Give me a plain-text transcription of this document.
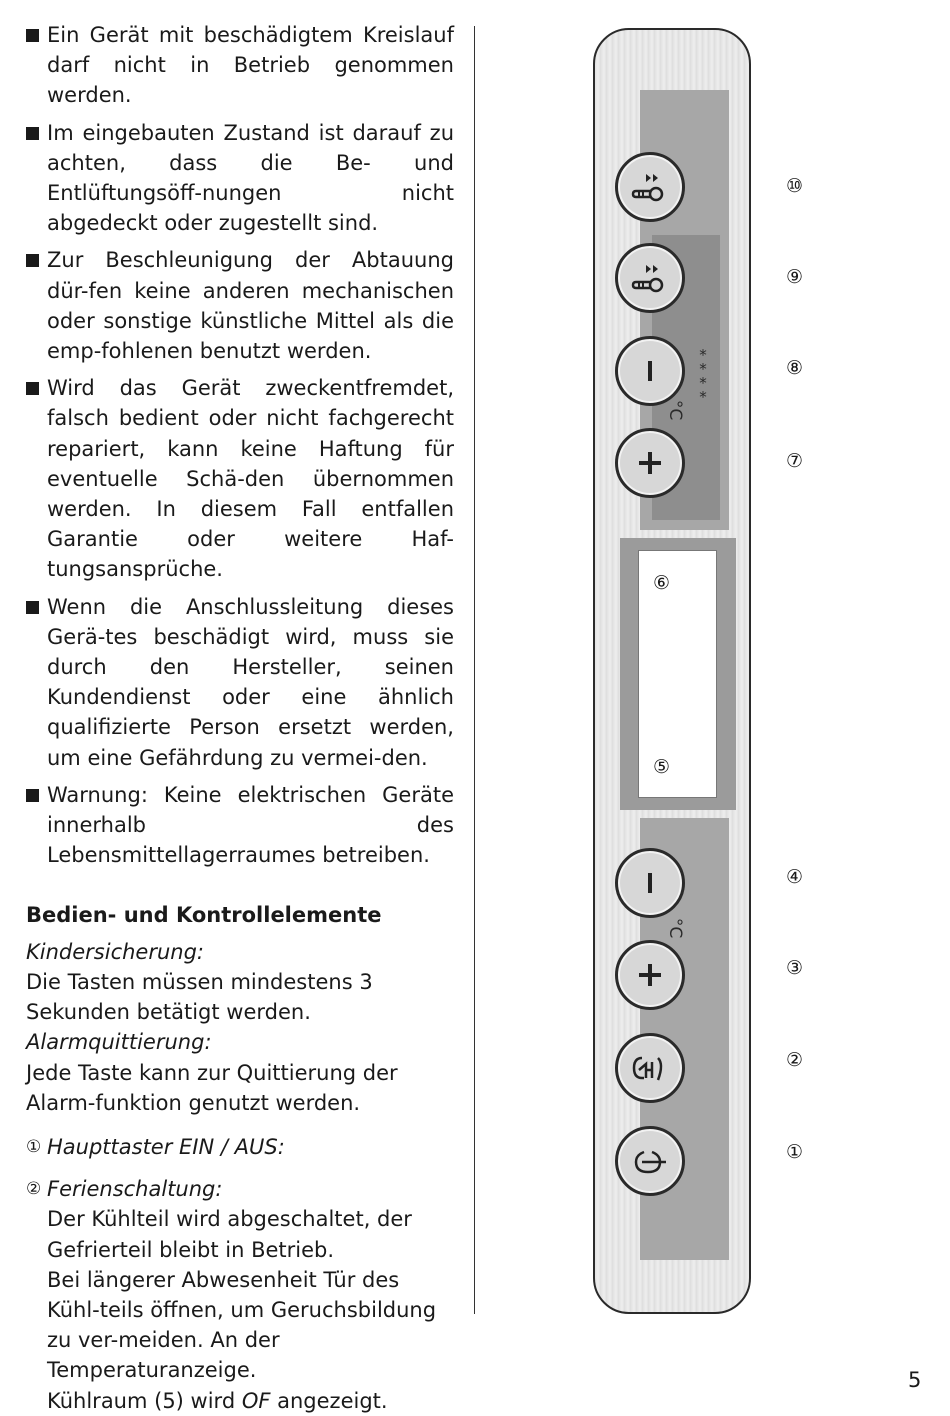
Ein Gerät mit beschädigtem Kreislauf darf nicht in Betrieb genommen werden.
Im eingebauten Zustand ist darauf zu achten, dass die Be- und Entlüftungsöff-nungen nicht abgedeckt oder zugestellt sind.
Zur Beschleunigung der Abtauung dür-fen keine anderen mechanischen oder sonstige künstliche Mittel als die emp-fohlenen benutzt werden.
Wird das Gerät zweckentfremdet, falsch bedient oder nicht fachgerecht repariert, kann keine Haftung für eventuelle Schä-den übernommen werden. In diesem Fall entfallen Garantie oder weitere Haf-tungsansprüche.
Wenn die Anschlussleitung dieses Gerä-tes beschädigt wird, muss sie durch den Hersteller, seinen Kundendienst oder eine ähnlich qualifizierte Person ersetzt werden, um eine Gefährdung zu vermei-den.
Warnung: Keine elektrischen Geräte innerhalb des Lebensmittellagerraumes betreiben.
Bedien- und Kontrollelemente

Kindersicherung:

Die Tasten müssen mindestens 3 Sekunden betätigt werden.

Alarmquittierung:

Jede Taste kann zur Quittierung der Alarm-funktion genutzt werden.

① Haupttaster EIN / AUS:
② Ferienschaltung:
Der Kühlteil wird abgeschaltet, der Gefrierteil bleibt in Betrieb.
Bei längerer Abwesenheit Tür des Kühl-teils öffnen, um Geruchsbildung zu ver-meiden. An der Temperaturanzeige.
Kühlraum (5) wird OF angezeigt.
****
°C
°C
⑩
⑨
⑧
⑦
⑥
⑤
④
③
②
①
5
